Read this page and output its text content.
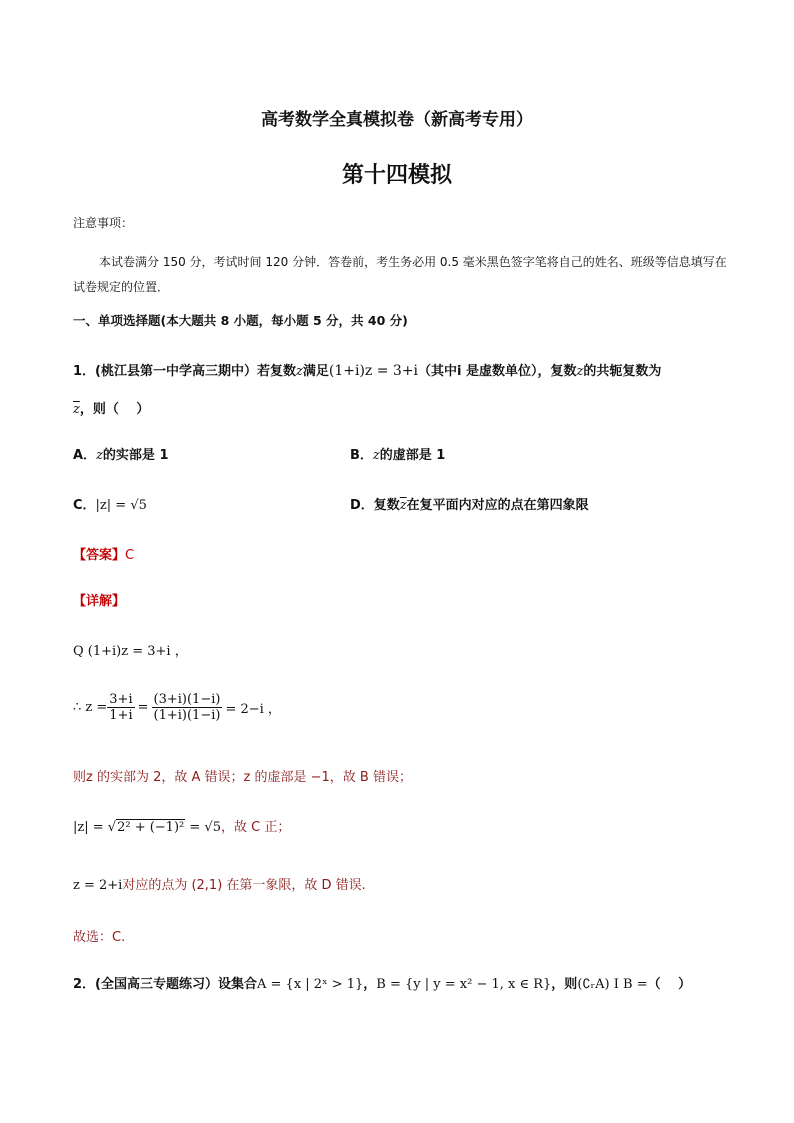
高考数学全真模拟卷（新高考专用）
第十四模拟
注意事项：
本试卷满分 150 分，考试时间 120 分钟．答卷前，考生务必用 0.5 毫米黑色签字笔将自己的姓名、班级等信息填写在试卷规定的位置．
一、单项选择题(本大题共 8 小题，每小题 5 分，共 40 分)
1．(桃江县第一中学高三期中）若复数z满足(1+i)z = 3+i（其中i 是虚数单位），复数z的共轭复数为
$\overline{z}$，则（　 ）
A．z的实部是 1	B．z的虚部是 1
C．|z| = √5	D．复数$\overline{z}$在复平面内对应的点在第四象限
【答案】C
【详解】
Q (1+i)z = 3+i ，
∴ $z = \frac{3+i}{1+i} = \frac{(3+i)(1-i)}{(1+i)(1-i)} = 2-i$ ，
则z 的实部为 2，故 A 错误；z 的虚部是 −1，故 B 错误；
|z| = √2² + (−1)² = √5，故 C 正；
z = 2+i对应的点为 (2,1) 在第一象限，故 D 错误.
故选：C.
2．(全国高三专题练习）设集合A = {x | 2ˣ > 1}，B = {y | y = x² − 1, x ∈ R}，则(∁ᵣA) I B =（　 ）
